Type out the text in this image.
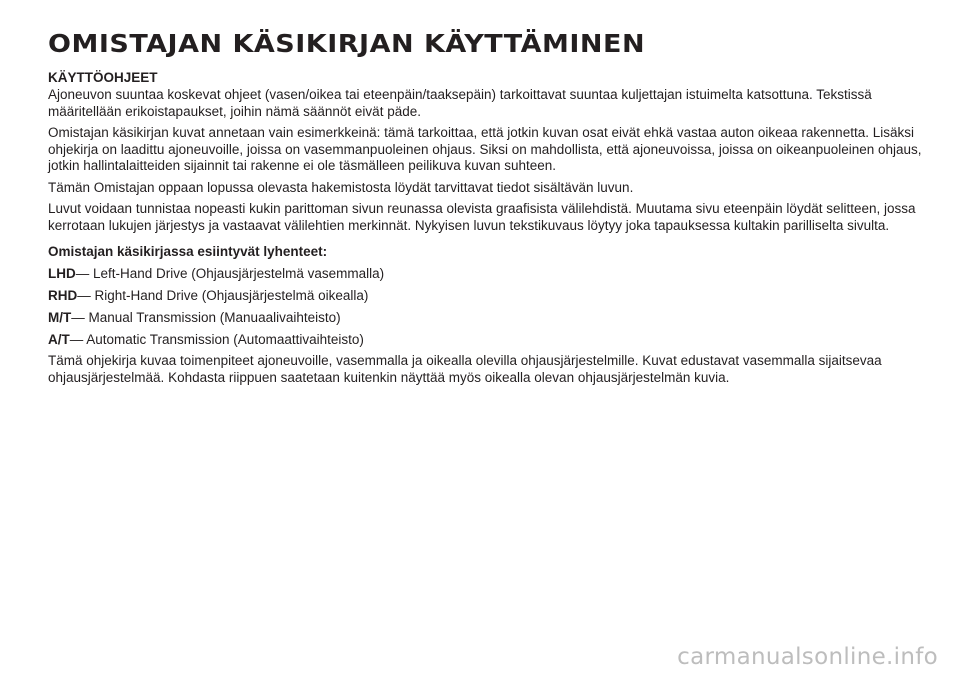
OMISTAJAN KÄSIKIRJAN KÄYTTÄMINEN
KÄYTTÖOHJEET

Ajoneuvon suuntaa koskevat ohjeet (vasen/oikea tai eteenpäin/taaksepäin) tarkoittavat suuntaa kuljettajan istuimelta katsottuna. Tekstissä määritellään erikoistapaukset, joihin nämä säännöt eivät päde.

Omistajan käsikirjan kuvat annetaan vain esimerkkeinä: tämä tarkoittaa, että jotkin kuvan osat eivät ehkä vastaa auton oikeaa rakennetta. Lisäksi ohjekirja on laadittu ajoneuvoille, joissa on vasemmanpuoleinen ohjaus. Siksi on mahdollista, että ajoneuvoissa, joissa on oikeanpuoleinen ohjaus, jotkin hallintalaitteiden sijainnit tai rakenne ei ole täsmälleen peilikuva kuvan suhteen.

Tämän Omistajan oppaan lopussa olevasta hakemistosta löydät tarvittavat tiedot sisältävän luvun.

Luvut voidaan tunnistaa nopeasti kukin parittoman sivun reunassa olevista graafisista välilehdistä. Muutama sivu eteenpäin löydät selitteen, jossa kerrotaan lukujen järjestys ja vastaavat välilehtien merkinnät. Nykyisen luvun tekstikuvaus löytyy joka tapauksessa kultakin parilliselta sivulta.

Omistajan käsikirjassa esiintyvät lyhenteet:
LHD— Left-Hand Drive (Ohjausjärjestelmä vasemmalla)
RHD— Right-Hand Drive (Ohjausjärjestelmä oikealla)
M/T— Manual Transmission (Manuaalivaihteisto)
A/T— Automatic Transmission (Automaattivaihteisto)

Tämä ohjekirja kuvaa toimenpiteet ajoneuvoille, vasemmalla ja oikealla olevilla ohjausjärjestelmille. Kuvat edustavat vasemmalla sijaitsevaa ohjausjärjestelmää. Kohdasta riippuen saatetaan kuitenkin näyttää myös oikealla olevan ohjausjärjestelmän kuvia.

carmanualsonline.info
